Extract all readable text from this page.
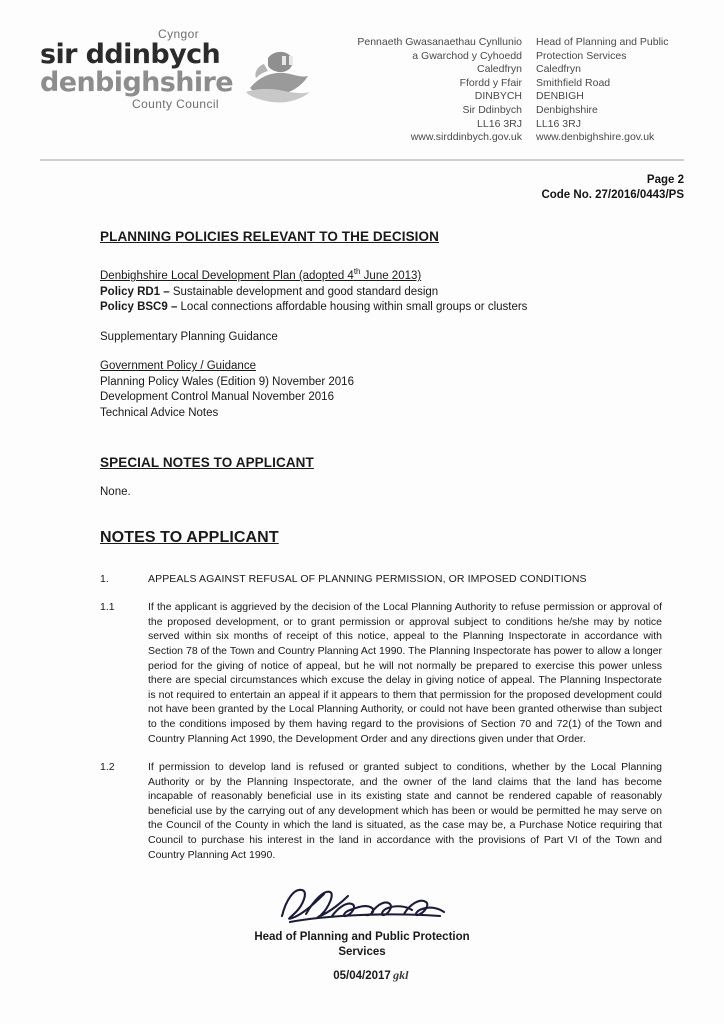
Cyngor
sir ddinbych
denbighshire
County Council
Pennaeth Gwasanaethau Cynllunio
a Gwarchod y Cyhoedd
Caledfryn
Ffordd y Ffair
DINBYCH
Sir Ddinbych
LL16 3RJ
www.sirddinbych.gov.uk
Head of Planning and Public
Protection Services
Caledfryn
Smithfield Road
DENBIGH
Denbighshire
LL16 3RJ
www.denbighshire.gov.uk
Page 2
Code No. 27/2016/0443/PS
PLANNING POLICIES RELEVANT TO THE DECISION

Denbighshire Local Development Plan (adopted 4th June 2013)

Policy RD1 – Sustainable development and good standard design

Policy BSC9 – Local connections affordable housing within small groups or clusters

Supplementary Planning Guidance

Government Policy / Guidance

Planning Policy Wales (Edition 9) November 2016

Development Control Manual November 2016

Technical Advice Notes

SPECIAL NOTES TO APPLICANT

None.

NOTES TO APPLICANT
1.	APPEALS AGAINST REFUSAL OF PLANNING PERMISSION, OR IMPOSED CONDITIONS
1.1	If the applicant is aggrieved by the decision of the Local Planning Authority to refuse permission or approval of the proposed development, or to grant permission or approval subject to conditions he/she may by notice served within six months of receipt of this notice, appeal to the Planning Inspectorate in accordance with Section 78 of the Town and Country Planning Act 1990. The Planning Inspectorate has power to allow a longer period for the giving of notice of appeal, but he will not normally be prepared to exercise this power unless there are special circumstances which excuse the delay in giving notice of appeal. The Planning Inspectorate is not required to entertain an appeal if it appears to them that permission for the proposed development could not have been granted by the Local Planning Authority, or could not have been granted otherwise than subject to the conditions imposed by them having regard to the provisions of Section 70 and 72(1) of the Town and Country Planning Act 1990, the Development Order and any directions given under that Order.
1.2	If permission to develop land is refused or granted subject to conditions, whether by the Local Planning Authority or by the Planning Inspectorate, and the owner of the land claims that the land has become incapable of reasonably beneficial use in its existing state and cannot be rendered capable of reasonably beneficial use by the carrying out of any development which has been or would be permitted he may serve on the Council of the County in which the land is situated, as the case may be, a Purchase Notice requiring that Council to purchase his interest in the land in accordance with the provisions of Part VI of the Town and Country Planning Act 1990.
Head of Planning and Public Protection
Services
05/04/2017 gkl
